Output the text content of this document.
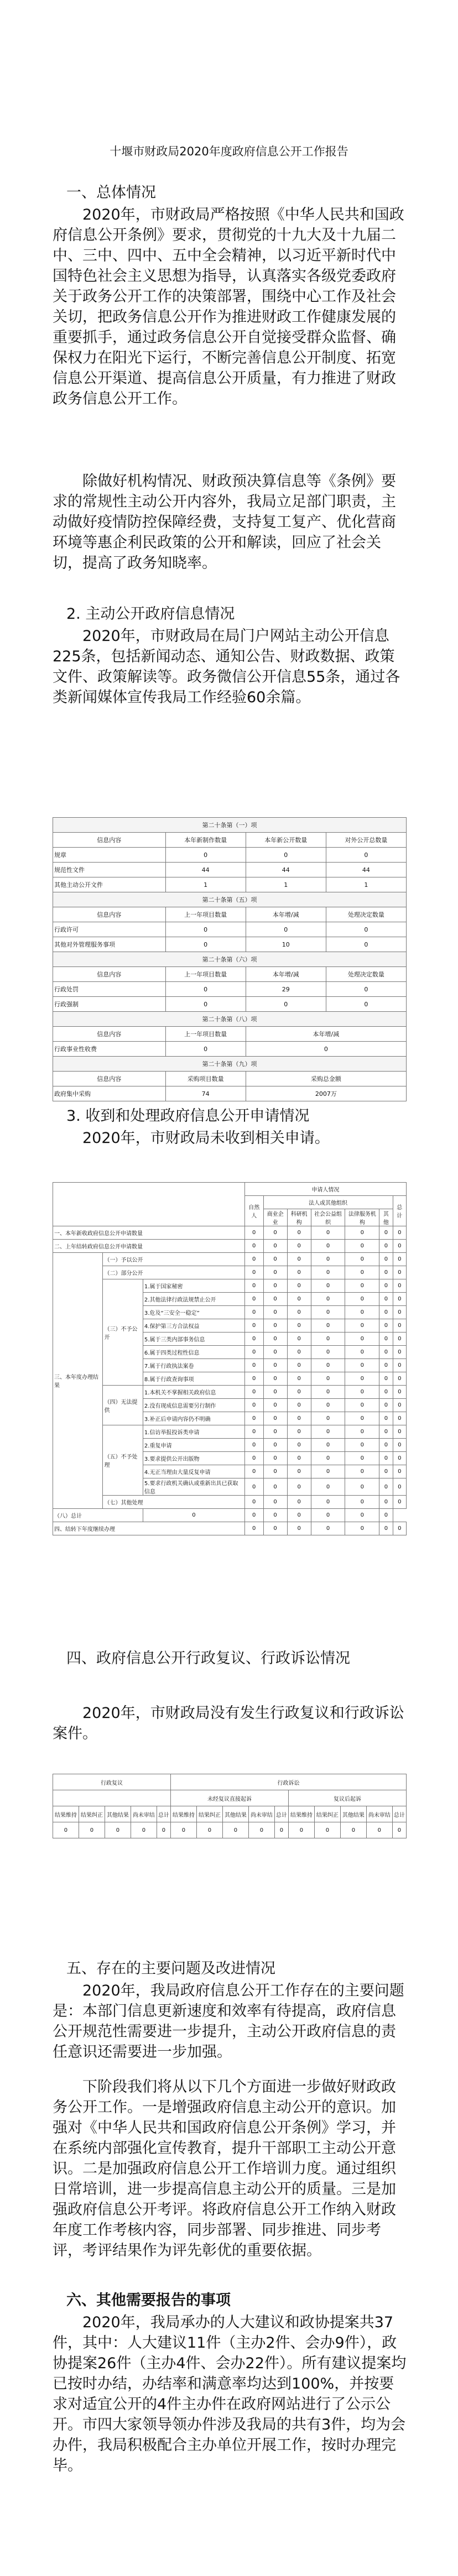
十堰市财政局2020年度政府信息公开工作报告
一、总体情况
2020年，市财政局严格按照《中华人民共和国政府信息公开条例》要求，贯彻党的十九大及十九届二中、三中、四中、五中全会精神，以习近平新时代中国特色社会主义思想为指导，认真落实各级党委政府关于政务公开工作的决策部署，围绕中心工作及社会关切，把政务信息公开作为推进财政工作健康发展的重要抓手，通过政务信息公开自觉接受群众监督、确保权力在阳光下运行，不断完善信息公开制度、拓宽信息公开渠道、提高信息公开质量，有力推进了财政政务信息公开工作。
除做好机构情况、财政预决算信息等《条例》要求的常规性主动公开内容外，我局立足部门职责，主动做好疫情防控保障经费，支持复工复产、优化营商环境等惠企利民政策的公开和解读，回应了社会关切，提高了政务知晓率。
2. 主动公开政府信息情况
2020年，市财政局在局门户网站主动公开信息225条，包括新闻动态、通知公告、财政数据、政策文件、政策解读等。政务微信公开信息55条，通过各类新闻媒体宣传我局工作经验60余篇。
第二十条第（一）项			
信息内容	本年新制作数量	本年新公开数量	对外公开总数量
规章	0	0	0
规范性文件	44	44	44
其他主动公开文件	1	1	1
第二十条第（五）项			
信息内容	上一年项目数量	本年增/减	处理决定数量
行政许可	0	0	0
其他对外管理服务事项	0	10	0
第二十条第（六）项			
信息内容	上一年项目数量	本年增/减	处理决定数量
行政处罚	0	29	0
行政强制	0	0	0
第二十条第（八）项			
信息内容	上一年项目数量	本年增/减	
行政事业性收费	0	0	
第二十条第（九）项			
信息内容	采购项目数量	采购总金额	
政府集中采购	74	2007万	
3. 收到和处理政府信息公开申请情况
2020年，市财政局未收到相关申请。
			申请人情况						
			自然人	法人或其他组织					总计
				商业企业	科研机构	社会公益组织	法律服务机构	其他	
一、本年新收政府信息公开申请数量			0	0	0	0	0	0	0
二、上年结转政府信息公开申请数量			0	0	0	0	0	0	0
三、本年度办理结果	（一）予以公开		0	0	0	0	0	0	0
	（二）部分公开		0	0	0	0	0	0	0
	（三）不予公开	1.属于国家秘密	0	0	0	0	0	0	0
		2.其他法律行政法规禁止公开	0	0	0	0	0	0	0
		3.危及“三安全一稳定”	0	0	0	0	0	0	0
		4.保护第三方合法权益	0	0	0	0	0	0	0
		5.属于三类内部事务信息	0	0	0	0	0	0	0
		6.属于四类过程性信息	0	0	0	0	0	0	0
		7.属于行政执法案卷	0	0	0	0	0	0	0
		8.属于行政查询事项	0	0	0	0	0	0	0
	（四）无法提供	1.本机关不掌握相关政府信息	0	0	0	0	0	0	0
		2.没有现成信息需要另行制作	0	0	0	0	0	0	0
		3.补正后申请内容仍不明确	0	0	0	0	0	0	0
	（五）不予处理	1.信访举报投诉类申请	0	0	0	0	0	0	0
		2.重复申请	0	0	0	0	0	0	0
		3.要求提供公开出版物	0	0	0	0	0	0	0
		4.无正当理由大量反复申请	0	0	0	0	0	0	0
		5.要求行政机关确认或重新出具已获取信息	0	0	0	0	0	0	0
	（七）其他处理		0	0	0	0	0	0	0
（八）总计		0	0	0	0	0	0	0	
四、结转下年度继续办理			0	0	0	0	0	0	0
四、政府信息公开行政复议、行政诉讼情况
2020年，市财政局没有发生行政复议和行政诉讼案件。
行政复议					行政诉讼									
					未经复议直接起诉					复议后起诉				
结果维持	结果纠正	其他结果	尚未审结	总计	结果维持	结果纠正	其他结果	尚未审结	总计	结果维持	结果纠正	其他结果	尚未审结	总计
0	0	0	0	0	0	0	0	0	0	0	0	0	0	0
五、存在的主要问题及改进情况
2020年，我局政府信息公开工作存在的主要问题是：本部门信息更新速度和效率有待提高，政府信息公开规范性需要进一步提升，主动公开政府信息的责任意识还需要进一步加强。
下阶段我们将从以下几个方面进一步做好财政政务公开工作。一是增强政府信息主动公开的意识。加强对《中华人民共和国政府信息公开条例》学习，并在系统内部强化宣传教育，提升干部职工主动公开意识。二是加强政府信息公开工作培训力度。通过组织日常培训，进一步提高信息主动公开的质量。三是加强政府信息公开考评。将政府信息公开工作纳入财政年度工作考核内容，同步部署、同步推进、同步考评，考评结果作为评先彰优的重要依据。
六、其他需要报告的事项
2020年，我局承办的人大建议和政协提案共37件，其中：人大建议11件（主办2件、会办9件），政协提案26件（主办4件、会办22件）。所有建议提案均已按时办结，办结率和满意率均达到100%，并按要求对适宜公开的4件主办件在政府网站进行了公示公开。市四大家领导领办件涉及我局的共有3件，均为会办件，我局积极配合主办单位开展工作，按时办理完毕。
